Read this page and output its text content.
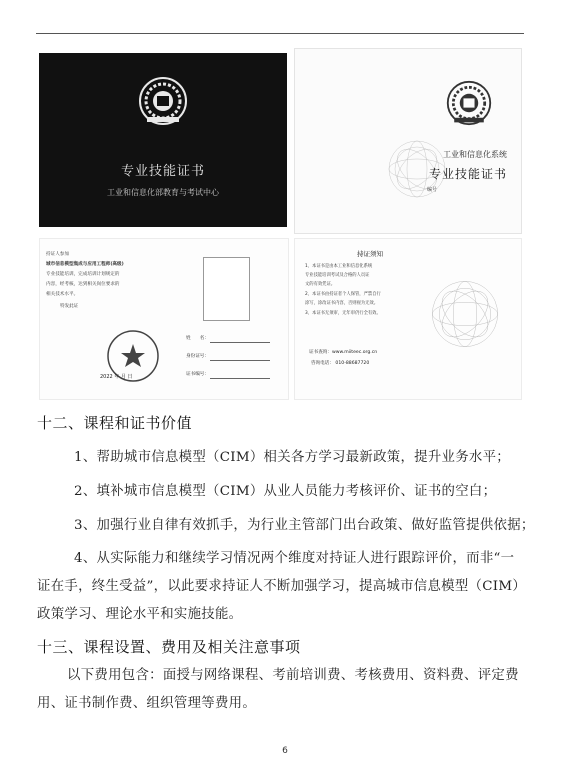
专业技能证书
工业和信息化部教育与考试中心
工业和信息化系统
专业技能证书
编号
持证人参加
城市信息模型集成与应用工程师(高级)
专业技能培训，完成培训计划规定的
内容，经考核，达到相关岗位要求的
相关技术水平。
特发此证
姓　　名：
身份证号：
证书编号：
2022 年 月 日
持证须知
1、本证书是由本工业和信息化系统
专业技能培训考试及合格的人员证
文的有效凭证。
2、本证书由持证者个人保管，严禁自行
涂写，涂改证书内容，否则视为无效。
3、本证书无须审，无年审仍行全有效。
证书查询：www.miiteec.org.cn
咨询电话： 010-88687720
十二、课程和证书价值
1、帮助城市信息模型（CIM）相关各方学习最新政策，提升业务水平；
2、填补城市信息模型（CIM）从业人员能力考核评价、证书的空白；
3、加强行业自律有效抓手，为行业主管部门出台政策、做好监管提供依据；
4、从实际能力和继续学习情况两个维度对持证人进行跟踪评价，而非“一
证在手，终生受益”，以此要求持证人不断加强学习，提高城市信息模型（CIM）
政策学习、理论水平和实施技能。
十三、课程设置、费用及相关注意事项
以下费用包含：面授与网络课程、考前培训费、考核费用、资料费、评定费
用、证书制作费、组织管理等费用。
6
